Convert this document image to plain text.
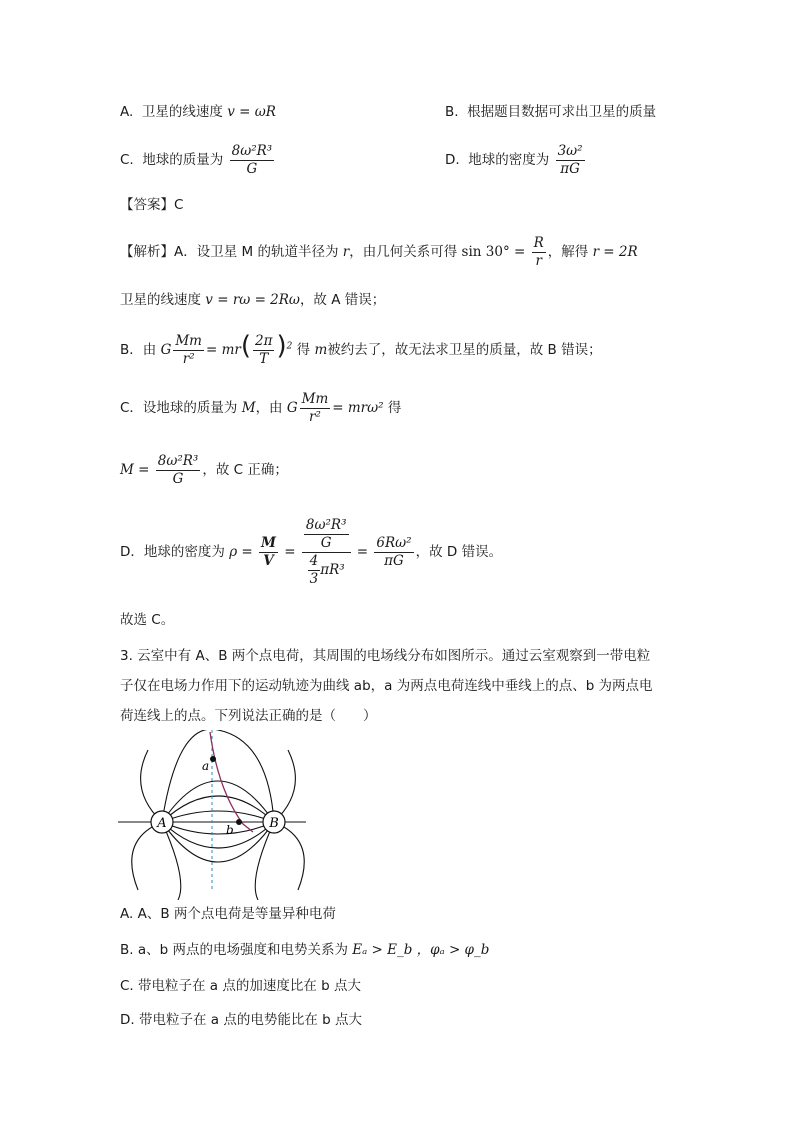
A. 卫星的线速度 v = ωR	B. 根据题目数据可求出卫星的质量
C. 地球的质量为 $\frac{\text{8ω²R³}}{G}$	D. 地球的密度为 $\frac{\text{3ω²}}{\pi G}$
【答案】C
【解析】A．设卫星 M 的轨道半径为 r，由几何关系可得 $\sin 30^\circ = \frac{R}{r}$ ，解得 r = 2R
卫星的线速度 v = rω = 2Rω，故 A 错误；
B．由 G $\frac{Mm}{\text{r²}} = mr( \frac{2\pi}{T} )^2$ 得 m被约去了，故无法求卫星的质量，故 B 错误；
C．设地球的质量为 M，由 G $\frac{Mm}{\text{r²}} = mr\omega^2$ 得
$M = \frac{\text{8ω²R³}}{G}$ ，故 C 正确；
D．地球的密度为 $\rho = \frac{M}{V} = \frac{\frac{\text{8ω²R³}}{G}}{\frac{4}{3} \pi R^3} = \frac{\text{6Rω²}}{\pi G}$ ，故 D 错误。
故选 C。
3. 云室中有 A、B 两个点电荷，其周围的电场线分布如图所示。通过云室观察到一带电粒
子仅在电场力作用下的运动轨迹为曲线 ab，a 为两点电荷连线中垂线上的点、b 为两点电
荷连线上的点。下列说法正确的是（　　）
A	B
a
b
A. A、B 两个点电荷是等量异种电荷
B. a、b 两点的电场强度和电势关系为 Eₐ > E_b ，φₐ > φ_b
C. 带电粒子在 a 点的加速度比在 b 点大
D. 带电粒子在 a 点的电势能比在 b 点大
